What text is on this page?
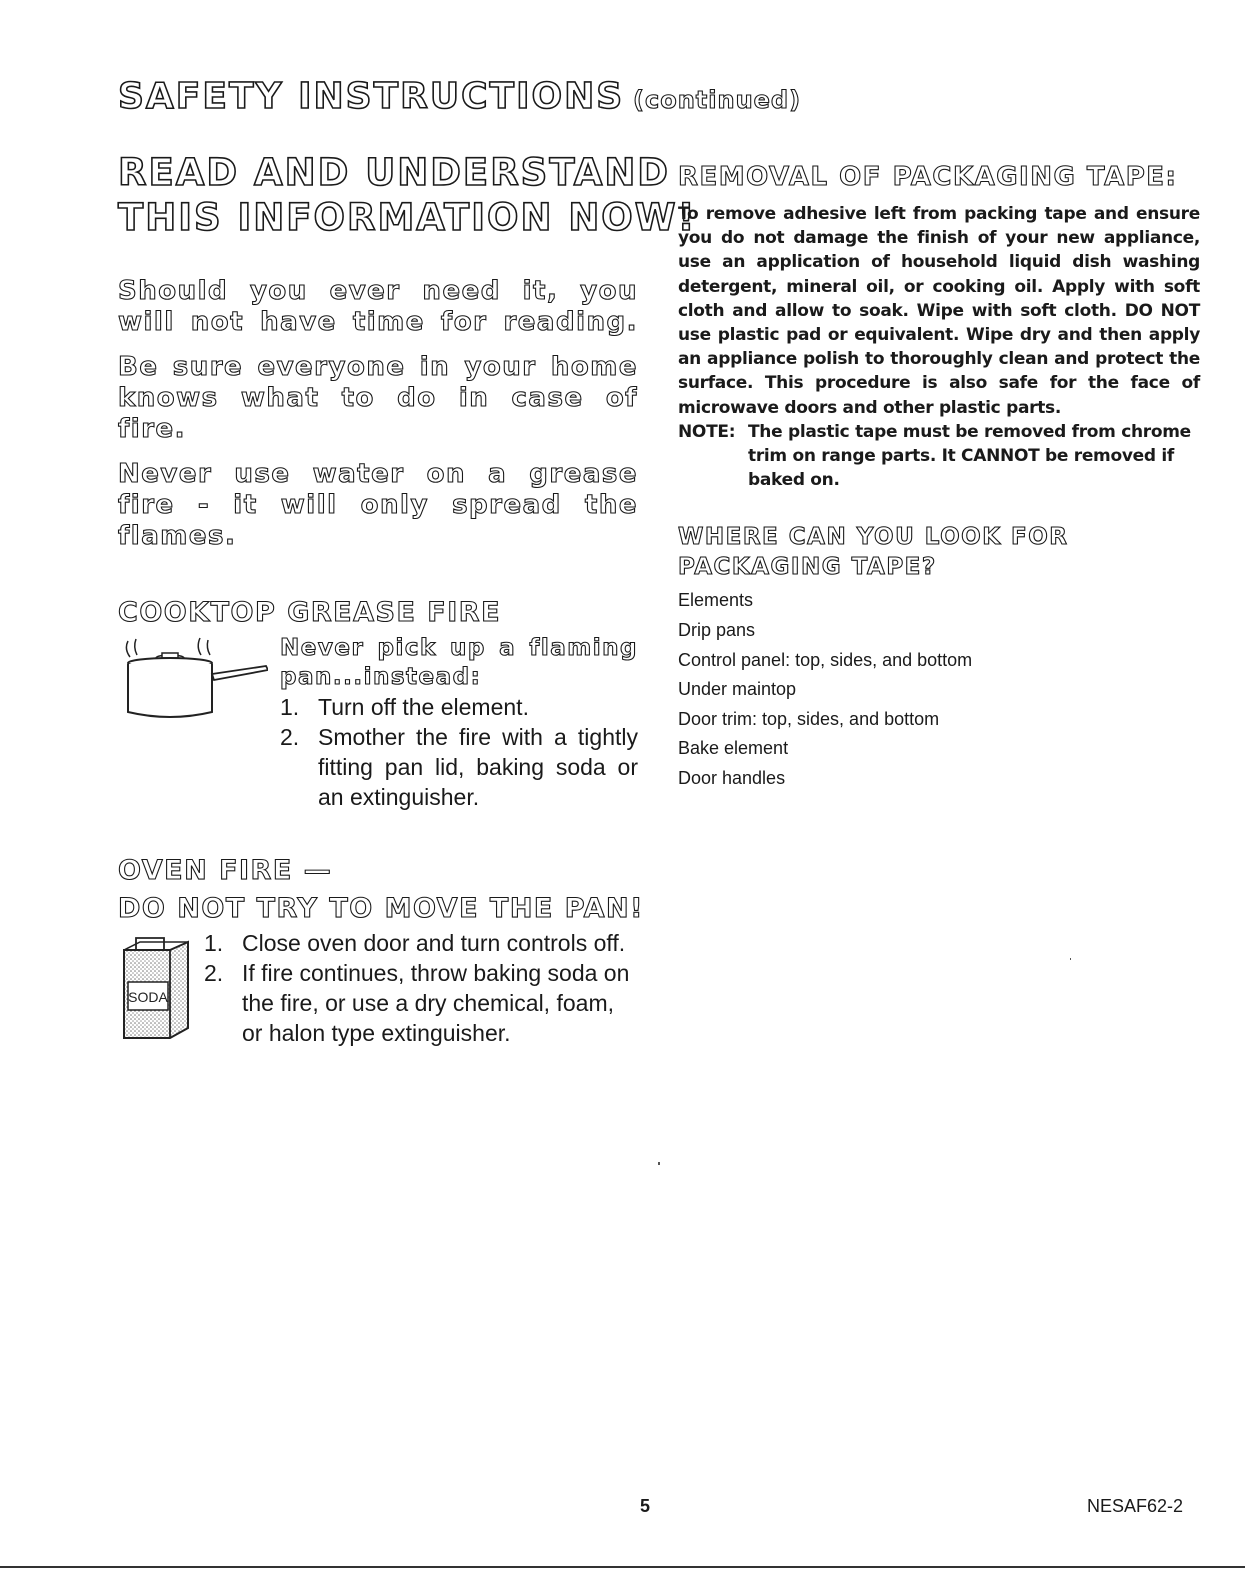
SAFETY INSTRUCTIONS (continued)
READ AND UNDERSTAND
THIS INFORMATION NOW!

Should you ever need it, you will not have time for reading.

Be sure everyone in your home knows what to do in case of fire.

Never use water on a grease fire - it will only spread the flames.

COOKTOP GREASE FIRE

Never pick up a flaming pan...instead:

1. Turn off the element.
2. Smother the fire with a tightly fitting pan lid, baking soda or an extinguisher.
OVEN FIRE —
DO NOT TRY TO MOVE THE PAN!
SODA
1. Close oven door and turn controls off.
2. If fire continues, throw baking soda on the fire, or use a dry chemical, foam, or halon type extinguisher.
REMOVAL OF PACKAGING TAPE:

To remove adhesive left from packing tape and ensure you do not damage the finish of your new appliance, use an application of household liquid dish washing detergent, mineral oil, or cooking oil. Apply with soft cloth and allow to soak. Wipe with soft cloth. DO NOT use plastic pad or equivalent. Wipe dry and then apply an appliance polish to thoroughly clean and protect the surface. This procedure is also safe for the face of microwave doors and other plastic parts.

NOTE: The plastic tape must be removed from chrome trim on range parts. It CANNOT be removed if baked on.

WHERE CAN YOU LOOK FOR
PACKAGING TAPE?
Elements
Drip pans
Control panel: top, sides, and bottom
Under maintop
Door trim: top, sides, and bottom
Bake element
Door handles
5	NESAF62-2
